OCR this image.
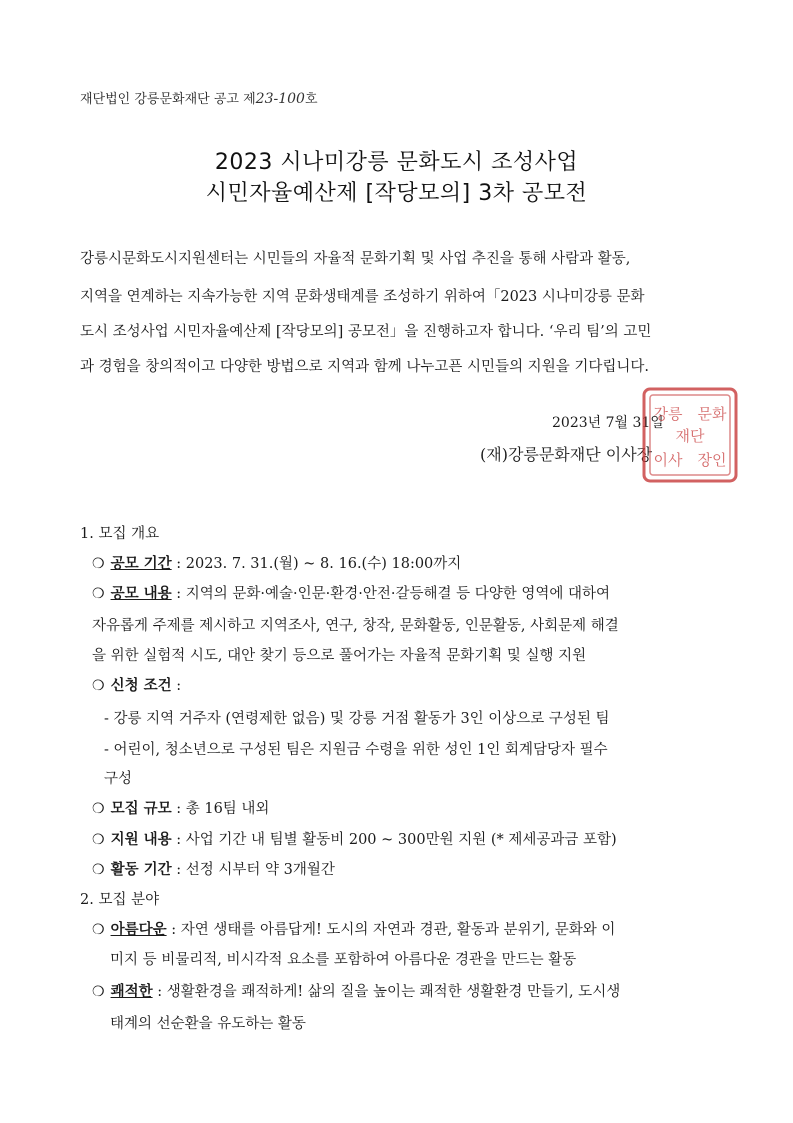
재단법인 강릉문화재단 공고 제23-100호
2023 시나미강릉 문화도시 조성사업
시민자율예산제 [작당모의] 3차 공모전
강릉시문화도시지원센터는 시민들의 자율적 문화기획 및 사업 추진을 통해 사람과 활동,
지역을 연계하는 지속가능한 지역 문화생태계를 조성하기 위하여「2023 시나미강릉 문화
도시 조성사업 시민자율예산제 [작당모의] 공모전」을 진행하고자 합니다. ‘우리 팀’의 고민
과 경험을 창의적이고 다양한 방법으로 지역과 함께 나누고픈 시민들의 지원을 기다립니다.
2023년 7월 31일
(재)강릉문화재단 이사장
강릉 문화
재단
이사 장인
1. 모집 개요
❍ 공모 기간 : 2023. 7. 31.(월) ~ 8. 16.(수) 18:00까지
❍ 공모 내용 : 지역의 문화·예술·인문·환경·안전·갈등해결 등 다양한 영역에 대하여
자유롭게 주제를 제시하고 지역조사, 연구, 창작, 문화활동, 인문활동, 사회문제 해결
을 위한 실험적 시도, 대안 찾기 등으로 풀어가는 자율적 문화기획 및 실행 지원
❍ 신청 조건 :
- 강릉 지역 거주자 (연령제한 없음) 및 강릉 거점 활동가 3인 이상으로 구성된 팀
- 어린이, 청소년으로 구성된 팀은 지원금 수령을 위한 성인 1인 회계담당자 필수
구성
❍ 모집 규모 : 총 16팀 내외
❍ 지원 내용 : 사업 기간 내 팀별 활동비 200 ~ 300만원 지원 (* 제세공과금 포함)
❍ 활동 기간 : 선정 시부터 약 3개월간
2. 모집 분야
❍ 아름다운 : 자연 생태를 아름답게! 도시의 자연과 경관, 활동과 분위기, 문화와 이
미지 등 비물리적, 비시각적 요소를 포함하여 아름다운 경관을 만드는 활동
❍ 쾌적한 : 생활환경을 쾌적하게! 삶의 질을 높이는 쾌적한 생활환경 만들기, 도시생
태계의 선순환을 유도하는 활동
